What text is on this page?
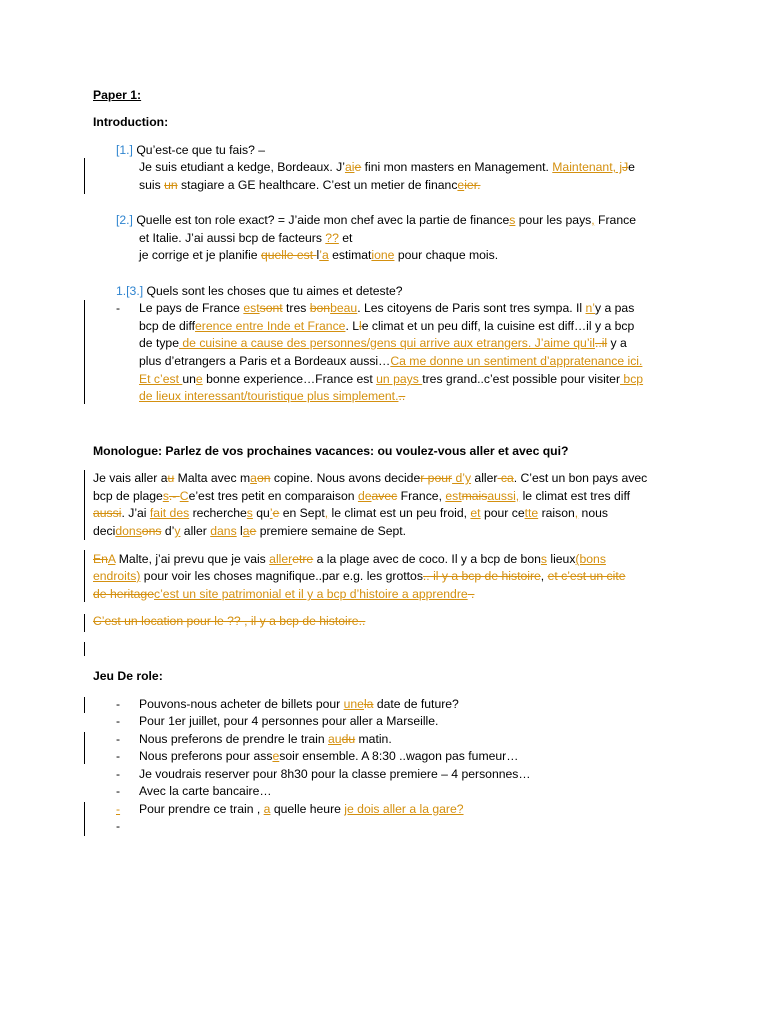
Paper 1:
Introduction:
[1.] Qu’est-ce que tu fais? –
Je suis etudiant a kedge, Bordeaux. J’aie fini mon masters en Management. Maintenant, jJe
suis un stagiare a GE healthcare. C’est un metier de financeier.
[2.] Quelle est ton role exact? = J’aide mon chef avec la partie de finances pour les pays, France
et Italie. J’ai aussi bcp de facteurs ?? et
je corrige et je planifie quelle est l’a estimatione pour chaque mois.
1.[3.] Quels sont les choses que tu aimes et deteste?
- Le pays de France estsont tres bonbeau. Les citoyens de Paris sont tres sympa. Il n’y a pas
bcp de difference entre Inde et France. Lle climat et un peu diff, la cuisine est diff…il y a bcp
de type de cuisine a cause des personnes/gens qui arrive aux etrangers. J’aime qu’il..il y a
plus d’etrangers a Paris et a Bordeaux aussi…Ca me donne un sentiment d’appratenance ici.
Et c’est une bonne experience…France est un pays tres grand..c’est possible pour visiter bcp
de lieux interessant/touristique plus simplement...
Monologue: Parlez de vos prochaines vacances: ou voulez-vous aller et avec qui?
Je vais aller au Malta avec maon copine. Nous avons decider pour d’y aller ca. C’est un bon pays avec
bcp de plages.- Ce’est tres petit en comparaison deavec France, estmaisaussi, le climat est tres diff
aussi. J’ai fait des recherches qu’e en Sept, le climat est un peu froid, et pour cette raison, nous
decidonsons d’y aller dans lae premiere semaine de Sept.
EnA Malte, j’ai prevu que je vais alleretre a la plage avec de coco. Il y a bcp de bons lieux(bons
endroits) pour voir les choses magnifique..par e.g. les grottos.. il y a bcp de histoire, et c’est un cite
de heritagec’est un site patrimonial et il y a bcp d’histoire a apprendre .
C’est un location pour le ?? , il y a bcp de histoire..
Jeu De role:
- Pouvons-nous acheter de billets pour unela date de future?
- Pour 1er juillet, pour 4 personnes pour aller a Marseille.
- Nous preferons de prendre le train audu matin.
- Nous preferons pour assesoir ensemble. A 8:30 ..wagon pas fumeur…
- Je voudrais reserver pour 8h30 pour la classe premiere – 4 personnes…
- Avec la carte bancaire…
- Pour prendre ce train , a quelle heure je dois aller a la gare?
-
